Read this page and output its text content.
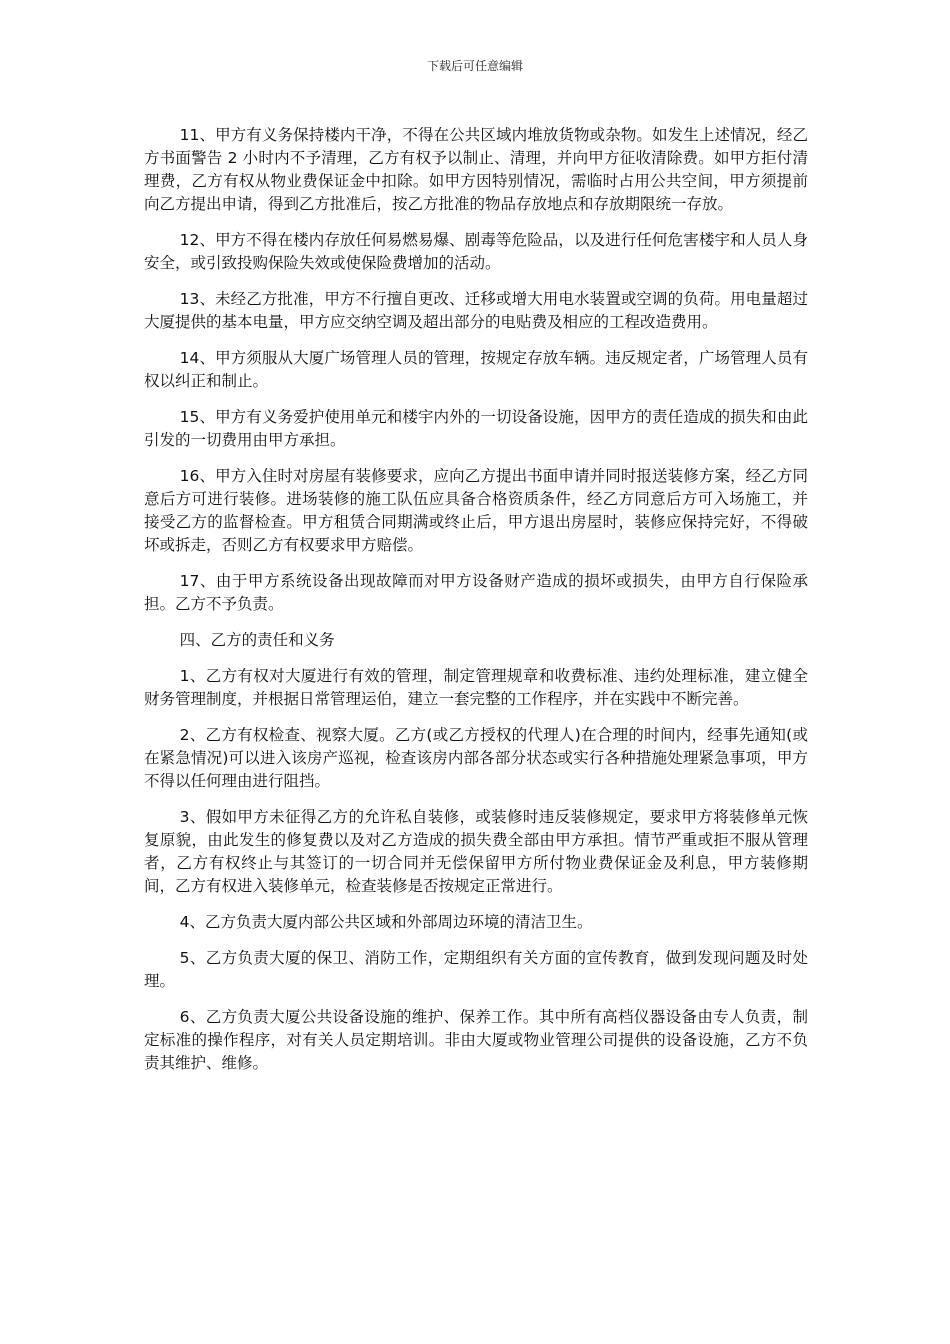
下载后可任意编辑

11、甲方有义务保持楼内干净，不得在公共区域内堆放货物或杂物。如发生上述情况，经乙方书面警告 2 小时内不予清理，乙方有权予以制止、清理，并向甲方征收清除费。如甲方拒付清理费，乙方有权从物业费保证金中扣除。如甲方因特别情况，需临时占用公共空间，甲方须提前向乙方提出申请，得到乙方批准后，按乙方批准的物品存放地点和存放期限统一存放。

12、甲方不得在楼内存放任何易燃易爆、剧毒等危险品，以及进行任何危害楼宇和人员人身安全，或引致投购保险失效或使保险费增加的活动。

13、未经乙方批准，甲方不行擅自更改、迁移或增大用电水装置或空调的负荷。用电量超过大厦提供的基本电量，甲方应交纳空调及超出部分的电贴费及相应的工程改造费用。

14、甲方须服从大厦广场管理人员的管理，按规定存放车辆。违反规定者，广场管理人员有权以纠正和制止。

15、甲方有义务爱护使用单元和楼宇内外的一切设备设施，因甲方的责任造成的损失和由此引发的一切费用由甲方承担。

16、甲方入住时对房屋有装修要求，应向乙方提出书面申请并同时报送装修方案，经乙方同意后方可进行装修。进场装修的施工队伍应具备合格资质条件，经乙方同意后方可入场施工，并接受乙方的监督检查。甲方租赁合同期满或终止后，甲方退出房屋时，装修应保持完好，不得破坏或拆走，否则乙方有权要求甲方赔偿。

17、由于甲方系统设备出现故障而对甲方设备财产造成的损坏或损失，由甲方自行保险承担。乙方不予负责。

四、乙方的责任和义务

1、乙方有权对大厦进行有效的管理，制定管理规章和收费标准、违约处理标准，建立健全财务管理制度，并根据日常管理运伯，建立一套完整的工作程序，并在实践中不断完善。

2、乙方有权检查、视察大厦。乙方(或乙方授权的代理人)在合理的时间内，经事先通知(或在紧急情况)可以进入该房产巡视，检查该房内部各部分状态或实行各种措施处理紧急事项，甲方不得以任何理由进行阻挡。

3、假如甲方未征得乙方的允许私自装修，或装修时违反装修规定，要求甲方将装修单元恢复原貌，由此发生的修复费以及对乙方造成的损失费全部由甲方承担。情节严重或拒不服从管理者，乙方有权终止与其签订的一切合同并无偿保留甲方所付物业费保证金及利息，甲方装修期间，乙方有权进入装修单元，检查装修是否按规定正常进行。

4、乙方负责大厦内部公共区域和外部周边环境的清洁卫生。

5、乙方负责大厦的保卫、消防工作，定期组织有关方面的宣传教育，做到发现问题及时处理。

6、乙方负责大厦公共设备设施的维护、保养工作。其中所有高档仪器设备由专人负责，制定标准的操作程序，对有关人员定期培训。非由大厦或物业管理公司提供的设备设施，乙方不负责其维护、维修。
